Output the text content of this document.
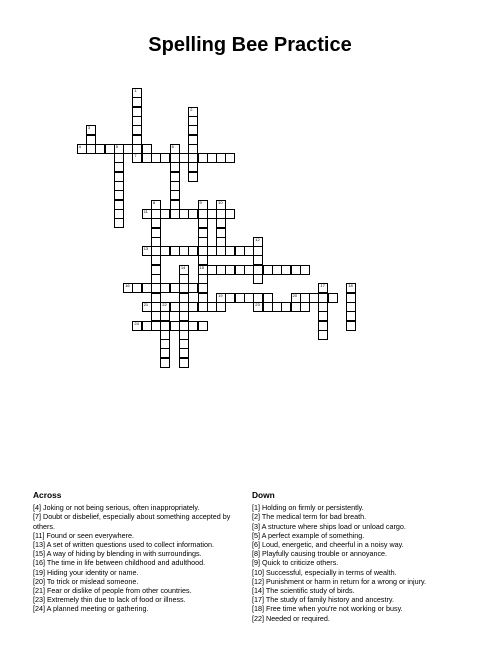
Spelling Bee Practice
1
2
3
4	5	6
7
8	9
15
10
11
12
13
14
16	17	18
19	20
21	22	23
24
Across
[4] Joking or not being serious, often inappropriately.
[7] Doubt or disbelief, especially about something accepted by others.
[11] Found or seen everywhere.
[13] A set of written questions used to collect information.
[15] A way of hiding by blending in with surroundings.
[16] The time in life between childhood and adulthood.
[19] Hiding your identity or name.
[20] To trick or mislead someone.
[21] Fear or dislike of people from other countries.
[23] Extremely thin due to lack of food or illness.
[24] A planned meeting or gathering.
Down
[1] Holding on firmly or persistently.
[2] The medical term for bad breath.
[3] A structure where ships load or unload cargo.
[5] A perfect example of something.
[6] Loud, energetic, and cheerful in a noisy way.
[8] Playfully causing trouble or annoyance.
[9] Quick to criticize others.
[10] Successful, especially in terms of wealth.
[12] Punishment or harm in return for a wrong or injury.
[14] The scientific study of birds.
[17] The study of family history and ancestry.
[18] Free time when you're not working or busy.
[22] Needed or required.
